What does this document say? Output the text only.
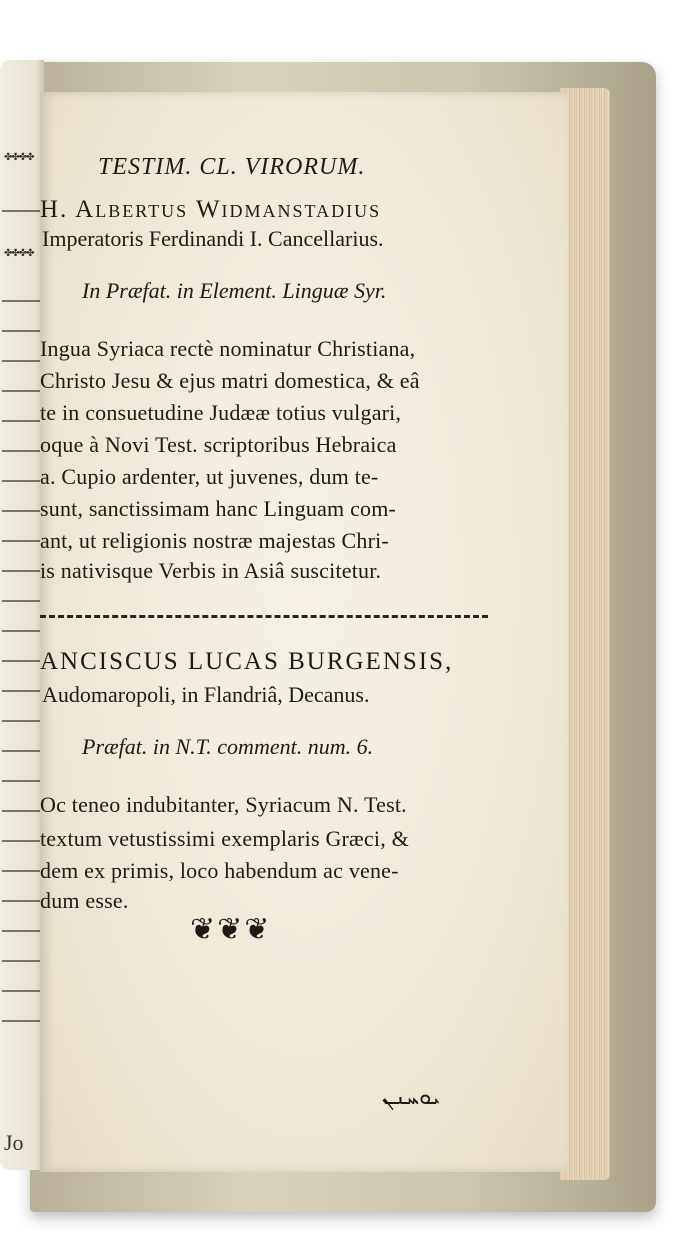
✤✤✤✤
✤✤✤✤
Jo
TESTIM. CL. VIRORUM.
H. Albertus Widmanstadius
Imperatoris Ferdinandi I. Cancellarius.
In Præfat. in Element. Linguæ Syr.
Ingua Syriaca rectè nominatur Christiana,
Christo Jesu & ejus matri domestica, & eâ
te in consuetudine Judææ totius vulgari,
oque à Novi Test. scriptoribus Hebraica
a. Cupio ardenter, ut juvenes, dum te-
sunt, sanctissimam hanc Linguam com-
ant, ut religionis nostræ majestas Chri-
is nativisque Verbis in Asiâ suscitetur.
ANCISCUS LUCAS BURGENSIS,
Audomaropoli, in Flandriâ, Decanus.
Præfat. in N.T. comment. num. 6.
Oc teneo indubitanter, Syriacum N. Test.
textum vetustissimi exemplaris Græci, &
dem ex primis, loco habendum ac vene-
dum esse.
❦❦❦
ܝܘܚܢܢ
